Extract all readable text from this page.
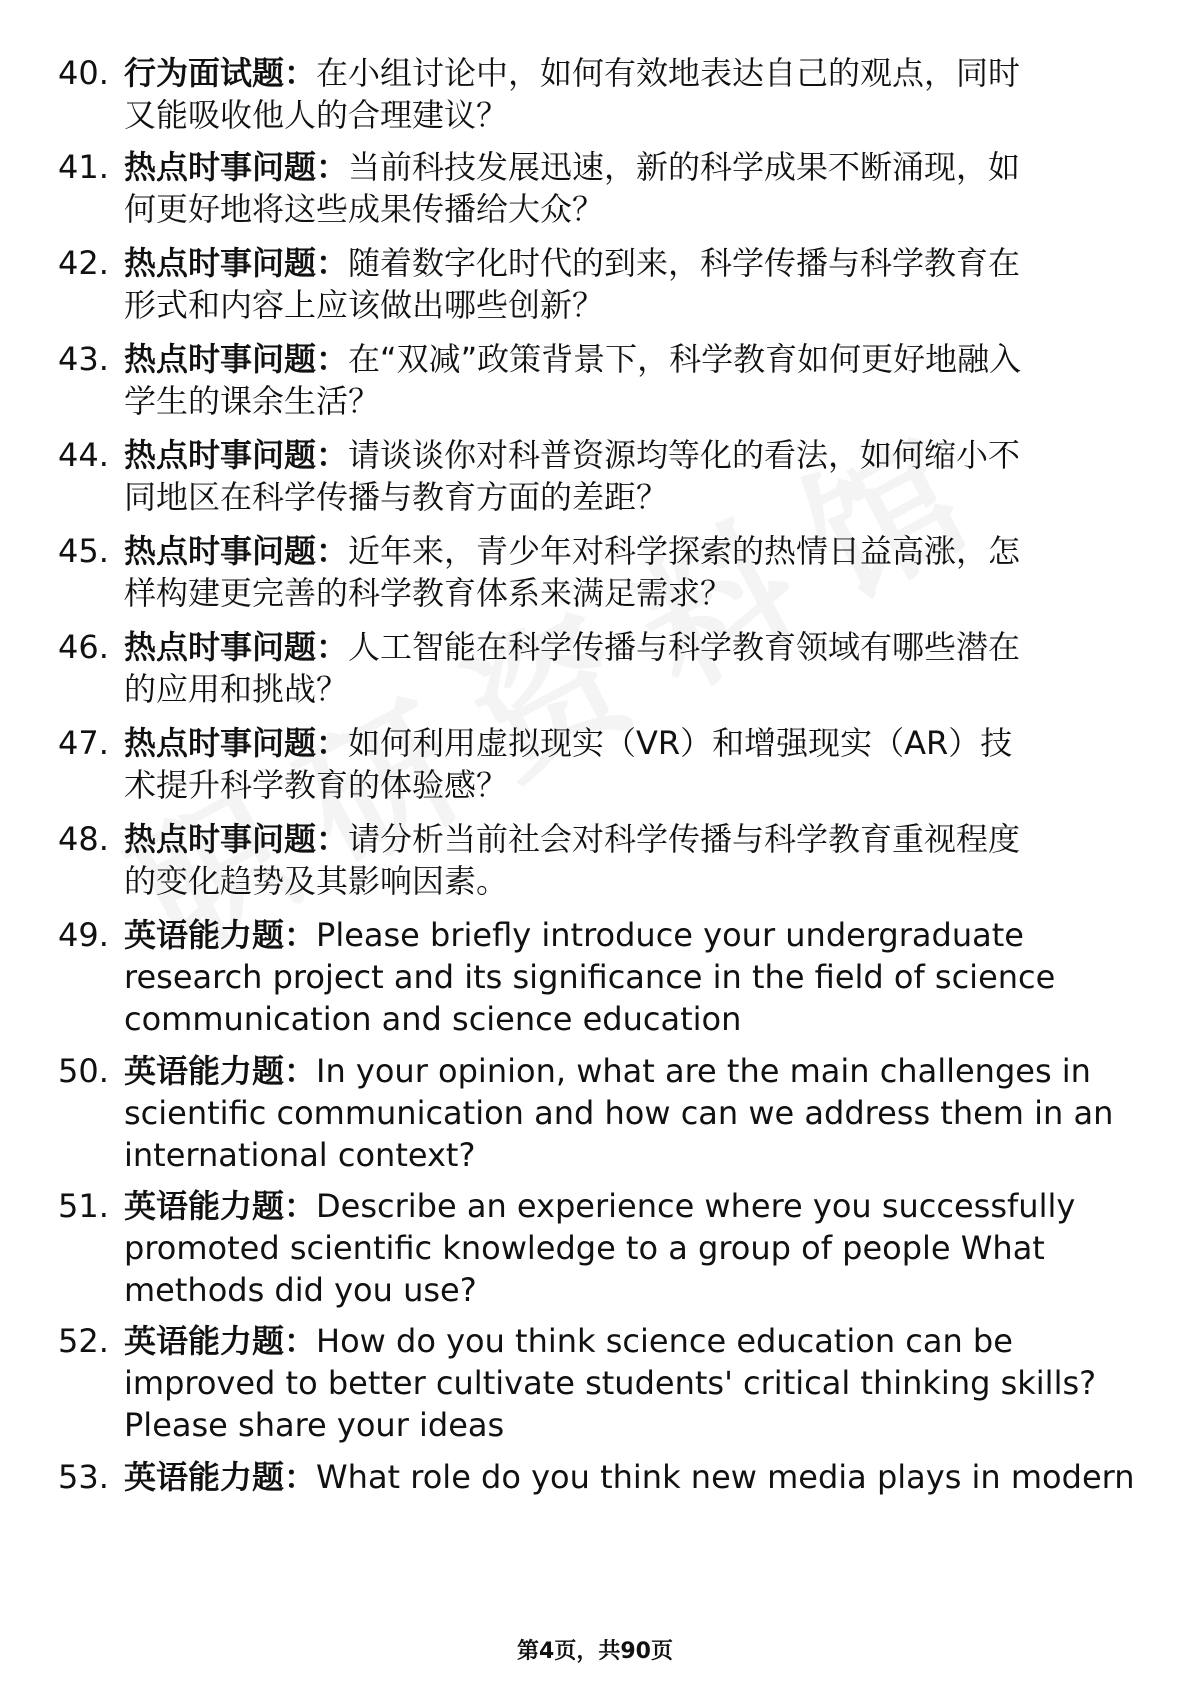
40. 行为面试题：在小组讨论中，如何有效地表达自己的观点，同时
又能吸收他人的合理建议？
41. 热点时事问题：当前科技发展迅速，新的科学成果不断涌现，如
何更好地将这些成果传播给大众？
42. 热点时事问题：随着数字化时代的到来，科学传播与科学教育在
形式和内容上应该做出哪些创新？
43. 热点时事问题：在“双减”政策背景下，科学教育如何更好地融入
学生的课余生活？
44. 热点时事问题：请谈谈你对科普资源均等化的看法，如何缩小不
同地区在科学传播与教育方面的差距？
45. 热点时事问题：近年来，青少年对科学探索的热情日益高涨，怎
样构建更完善的科学教育体系来满足需求？
46. 热点时事问题：人工智能在科学传播与科学教育领域有哪些潜在
的应用和挑战？
47. 热点时事问题：如何利用虚拟现实（VR）和增强现实（AR）技
术提升科学教育的体验感？
48. 热点时事问题：请分析当前社会对科学传播与科学教育重视程度
的变化趋势及其影响因素。
49. 英语能力题：Please briefly introduce your undergraduate
research project and its significance in the field of science
communication and science education
50. 英语能力题：In your opinion, what are the main challenges in
scientific communication and how can we address them in an
international context?
51. 英语能力题：Describe an experience where you successfully
promoted scientific knowledge to a group of people What
methods did you use?
52. 英语能力题：How do you think science education can be
improved to better cultivate students' critical thinking skills?
Please share your ideas
53. 英语能力题：What role do you think new media plays in modern
第4页，共90页
